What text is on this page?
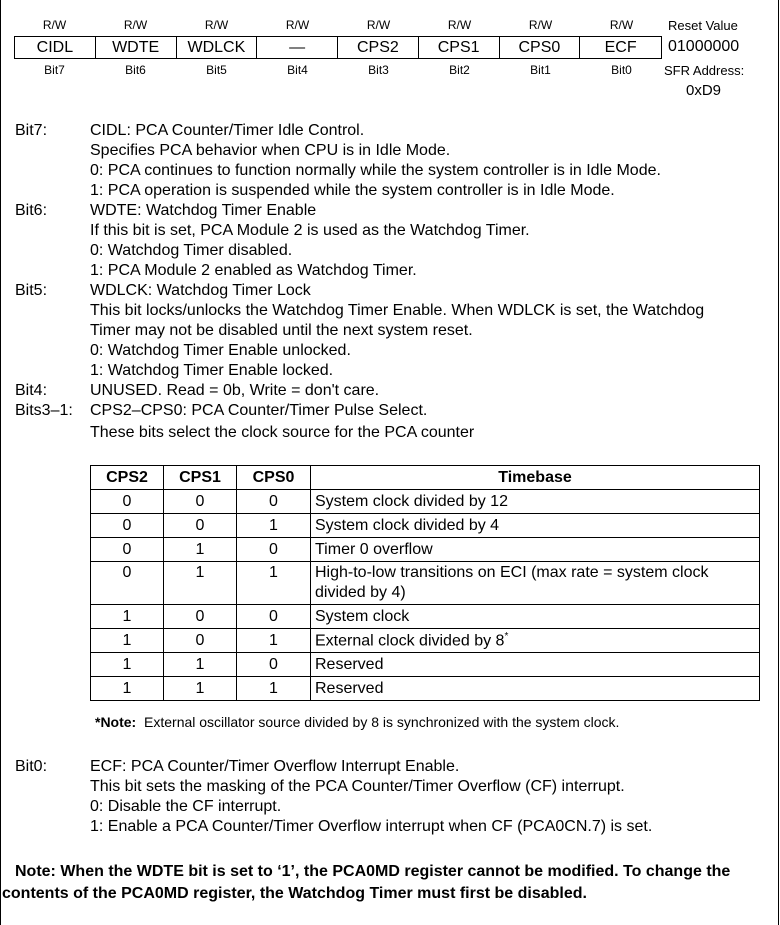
R/W	R/W	R/W	R/W	R/W	R/W	R/W	R/W	Reset Value
CIDL	WDTE	WDLCK	—	CPS2	CPS1	CPS0	ECF	01000000
Bit7	Bit6	Bit5	Bit4	Bit3	Bit2	Bit1	Bit0	SFR Address:
0xD9
Bit7:	CIDL: PCA Counter/Timer Idle Control.
Specifies PCA behavior when CPU is in Idle Mode.
0: PCA continues to function normally while the system controller is in Idle Mode.
1: PCA operation is suspended while the system controller is in Idle Mode.
Bit6:	WDTE: Watchdog Timer Enable
If this bit is set, PCA Module 2 is used as the Watchdog Timer.
0: Watchdog Timer disabled.
1: PCA Module 2 enabled as Watchdog Timer.
Bit5:	WDLCK: Watchdog Timer Lock
This bit locks/unlocks the Watchdog Timer Enable. When WDLCK is set, the Watchdog
Timer may not be disabled until the next system reset.
0: Watchdog Timer Enable unlocked.
1: Watchdog Timer Enable locked.
Bit4:	UNUSED. Read = 0b, Write = don't care.
Bits3–1: CPS2–CPS0: PCA Counter/Timer Pulse Select.
These bits select the clock source for the PCA counter
CPS2	CPS1	CPS0	Timebase
0	0	0	System clock divided by 12
0	0	1	System clock divided by 4
0	1	0	Timer 0 overflow
0	1	1	High-to-low transitions on ECI (max rate = system clock
divided by 4)

1	0	0	System clock
1	0	1	External clock divided by 8*
1	1	0	Reserved
1	1	1	Reserved
*Note: External oscillator source divided by 8 is synchronized with the system clock.
Bit0:	ECF: PCA Counter/Timer Overflow Interrupt Enable.
This bit sets the masking of the PCA Counter/Timer Overflow (CF) interrupt.
0: Disable the CF interrupt.
1: Enable a PCA Counter/Timer Overflow interrupt when CF (PCA0CN.7) is set.
Note: When the WDTE bit is set to ‘1’, the PCA0MD register cannot be modified. To change the
contents of the PCA0MD register, the Watchdog Timer must first be disabled.
